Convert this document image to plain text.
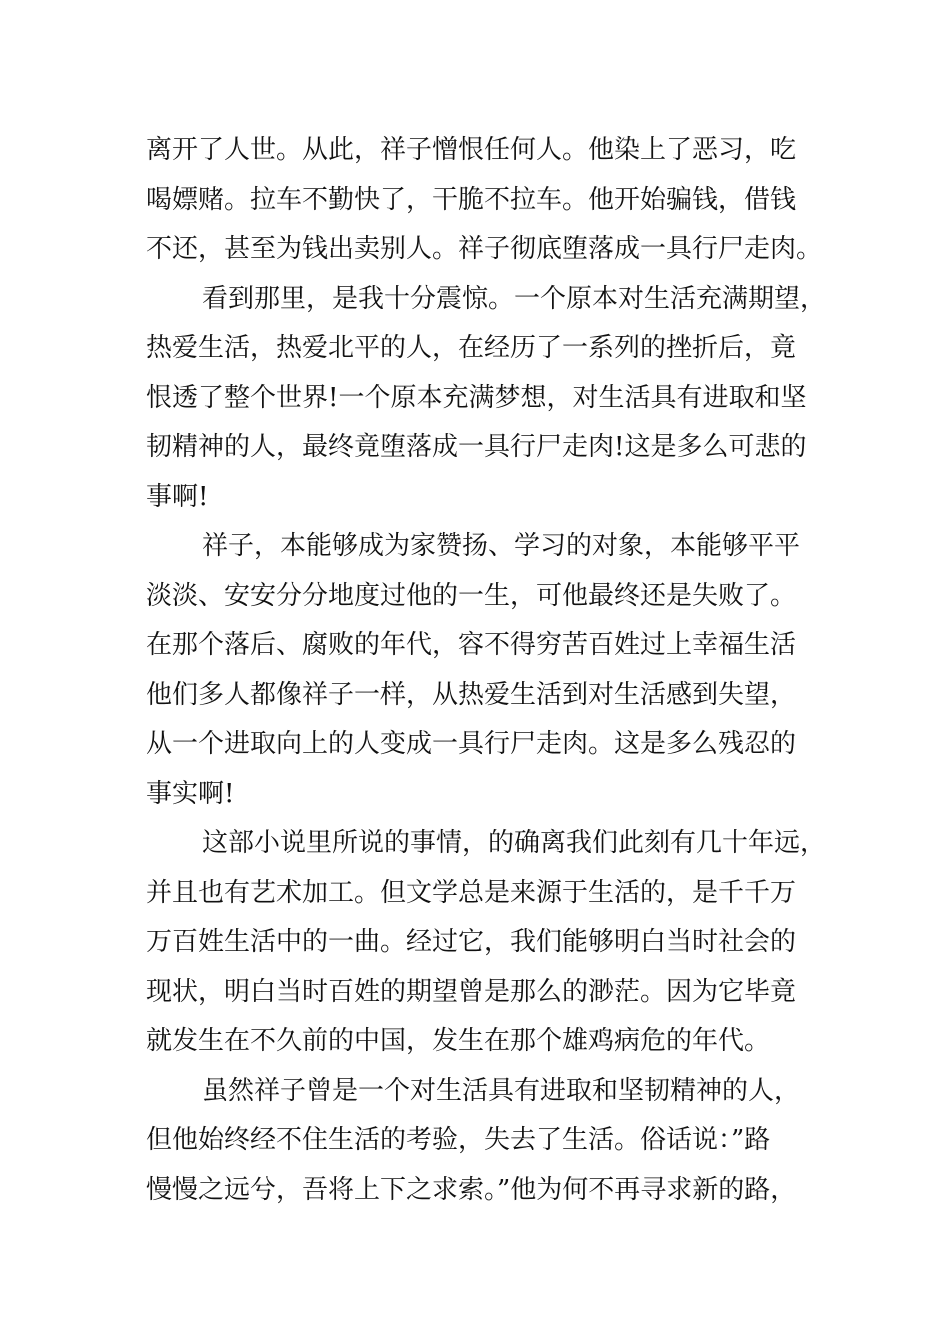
离开了人世。从此，祥子憎恨任何人。他染上了恶习，吃
喝嫖赌。拉车不勤快了，干脆不拉车。他开始骗钱，借钱
不还，甚至为钱出卖别人。祥子彻底堕落成一具行尸走肉。
看到那里，是我十分震惊。一个原本对生活充满期望，
热爱生活，热爱北平的人，在经历了一系列的挫折后，竟
恨透了整个世界!一个原本充满梦想，对生活具有进取和坚
韧精神的人，最终竟堕落成一具行尸走肉!这是多么可悲的
事啊!
祥子，本能够成为家赞扬、学习的对象，本能够平平
淡淡、安安分分地度过他的一生，可他最终还是失败了。
在那个落后、腐败的年代，容不得穷苦百姓过上幸福生活
他们多人都像祥子一样，从热爱生活到对生活感到失望，
从一个进取向上的人变成一具行尸走肉。这是多么残忍的
事实啊!
这部小说里所说的事情，的确离我们此刻有几十年远，
并且也有艺术加工。但文学总是来源于生活的，是千千万
万百姓生活中的一曲。经过它，我们能够明白当时社会的
现状，明白当时百姓的期望曾是那么的渺茫。因为它毕竟
就发生在不久前的中国，发生在那个雄鸡病危的年代。
虽然祥子曾是一个对生活具有进取和坚韧精神的人，
但他始终经不住生活的考验，失去了生活。俗话说：”路
慢慢之远兮，吾将上下之求索。”他为何不再寻求新的路，
